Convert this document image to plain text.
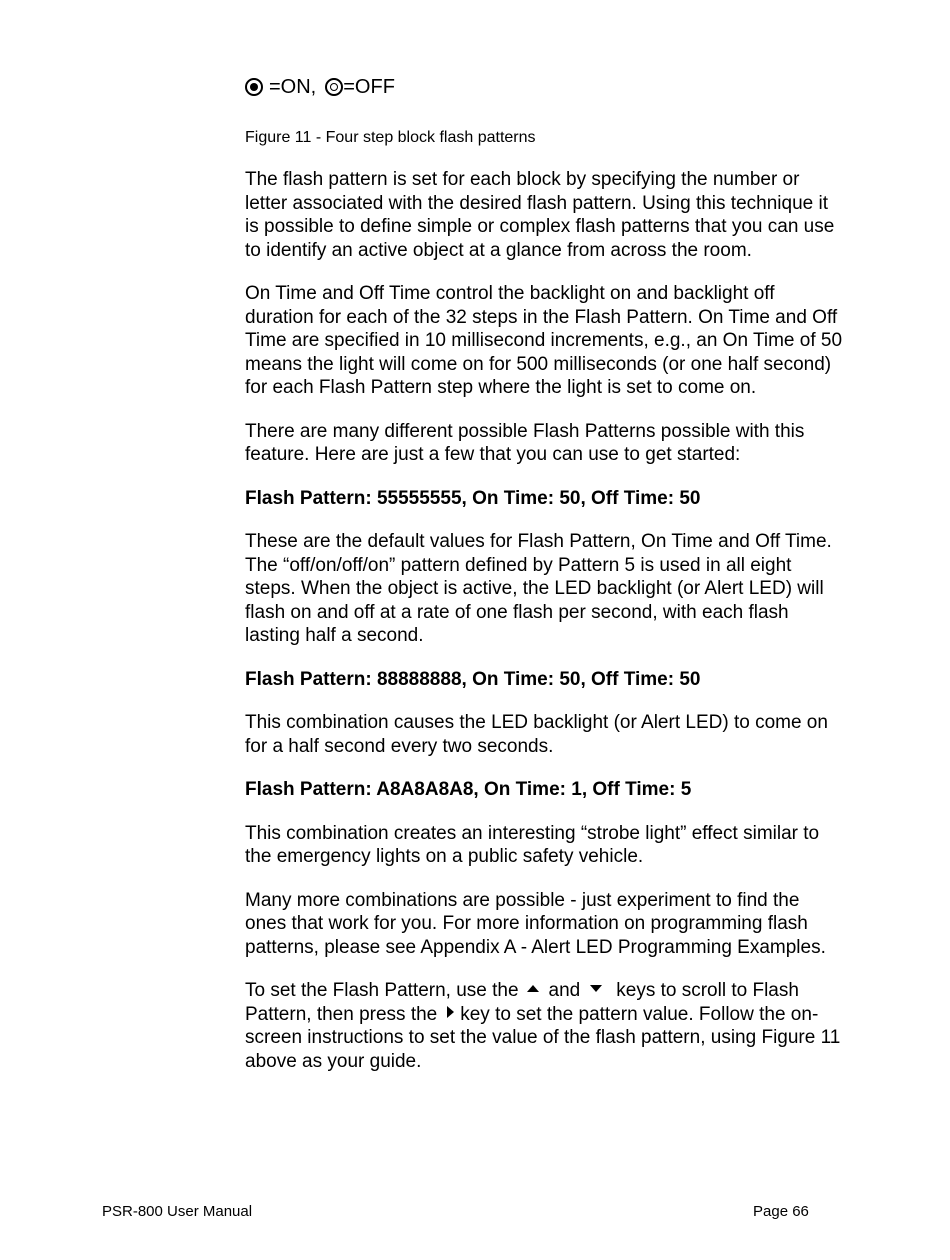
=ON, =OFF
Figure 11 - Four step block flash patterns

The flash pattern is set for each block by specifying the number or letter associated with the desired flash pattern. Using this technique it is possible to define simple or complex flash patterns that you can use to identify an active object at a glance from across the room.

On Time and Off Time control the backlight on and backlight off duration for each of the 32 steps in the Flash Pattern. On Time and Off Time are specified in 10 millisecond increments, e.g., an On Time of 50 means the light will come on for 500 milliseconds (or one half second) for each Flash Pattern step where the light is set to come on.

There are many different possible Flash Patterns possible with this feature. Here are just a few that you can use to get started:

Flash Pattern: 55555555, On Time: 50, Off Time: 50

These are the default values for Flash Pattern, On Time and Off Time. The “off/on/off/on” pattern defined by Pattern 5 is used in all eight steps. When the object is active, the LED backlight (or Alert LED) will flash on and off at a rate of one flash per second, with each flash lasting half a second.

Flash Pattern: 88888888, On Time: 50, Off Time: 50

This combination causes the LED backlight (or Alert LED) to come on for a half second every two seconds.

Flash Pattern: A8A8A8A8, On Time: 1, Off Time: 5

This combination creates an interesting “strobe light” effect similar to the emergency lights on a public safety vehicle.

Many more combinations are possible - just experiment to find the ones that work for you. For more information on programming flash patterns, please see Appendix A - Alert LED Programming Examples.

To set the Flash Pattern, use the and keys to scroll to Flash Pattern, then press the key to set the pattern value. Follow the on-screen instructions to set the value of the flash pattern, using Figure 11 above as your guide.

PSR-800 User Manual	Page 66
